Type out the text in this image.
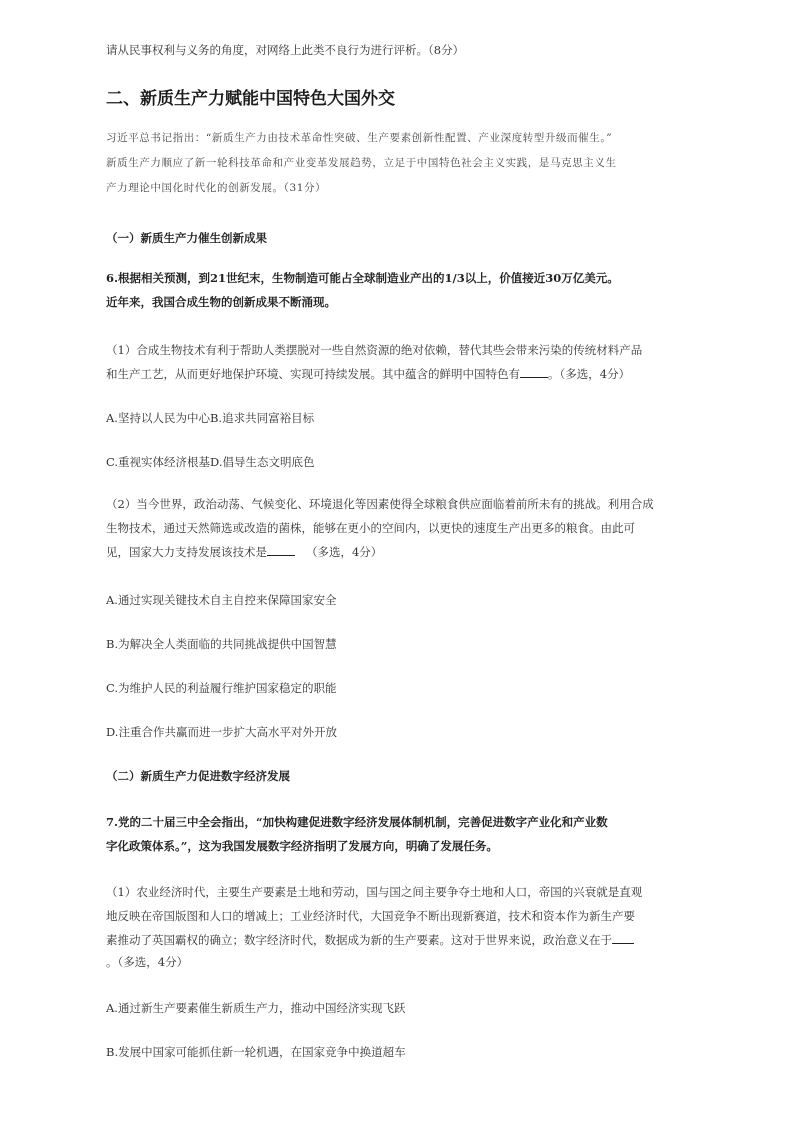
请从民事权利与义务的角度，对网络上此类不良行为进行评析。（8分）

二、新质生产力赋能中国特色大国外交

习近平总书记指出：“新质生产力由技术革命性突破、生产要素创新性配置、产业深度转型升级而催生。”

新质生产力顺应了新一轮科技革命和产业变革发展趋势，立足于中国特色社会主义实践，是马克思主义生

产力理论中国化时代化的创新发展。（31分）

（一）新质生产力催生创新成果

6.根据相关预测，到21世纪末，生物制造可能占全球制造业产出的1/3以上，价值接近30万亿美元。

近年来，我国合成生物的创新成果不断涌现。

（1）合成生物技术有利于帮助人类摆脱对一些自然资源的绝对依赖，替代其些会带来污染的传统材料产品

和生产工艺，从而更好地保护环境、实现可持续发展。其中蕴含的鲜明中国特色有 。（多选，4分）

A.坚持以人民为中心B.追求共同富裕目标

C.重视实体经济根基D.倡导生态文明底色

（2）当今世界，政治动荡、气候变化、环境退化等因素使得全球粮食供应面临着前所未有的挑战。利用合成

生物技术，通过天然筛选或改造的菌株，能够在更小的空间内，以更快的速度生产出更多的粮食。由此可

见，国家大力支持发展该技术是	（多选，4分）

A.通过实现关键技术自主自控来保障国家安全

B.为解决全人类面临的共同挑战提供中国智慧

C.为维护人民的利益履行维护国家稳定的职能

D.注重合作共赢而进一步扩大高水平对外开放

（二）新质生产力促进数字经济发展

7.党的二十届三中全会指出，“加快构建促进数字经济发展体制机制，完善促进数字产业化和产业数

字化政策体系。”，这为我国发展数字经济指明了发展方向，明确了发展任务。

（1）农业经济时代，主要生产要素是土地和劳动，国与国之间主要争夺土地和人口，帝国的兴衰就是直观

地反映在帝国版图和人口的增减上；工业经济时代，大国竞争不断出现新赛道，技术和资本作为新生产要

素推动了英国霸权的确立；数字经济时代，数据成为新的生产要素。这对于世界来说，政治意义在于

。（多选，4分）

A.通过新生产要素催生新质生产力，推动中国经济实现飞跃

B.发展中国家可能抓住新一轮机遇，在国家竞争中换道超车
